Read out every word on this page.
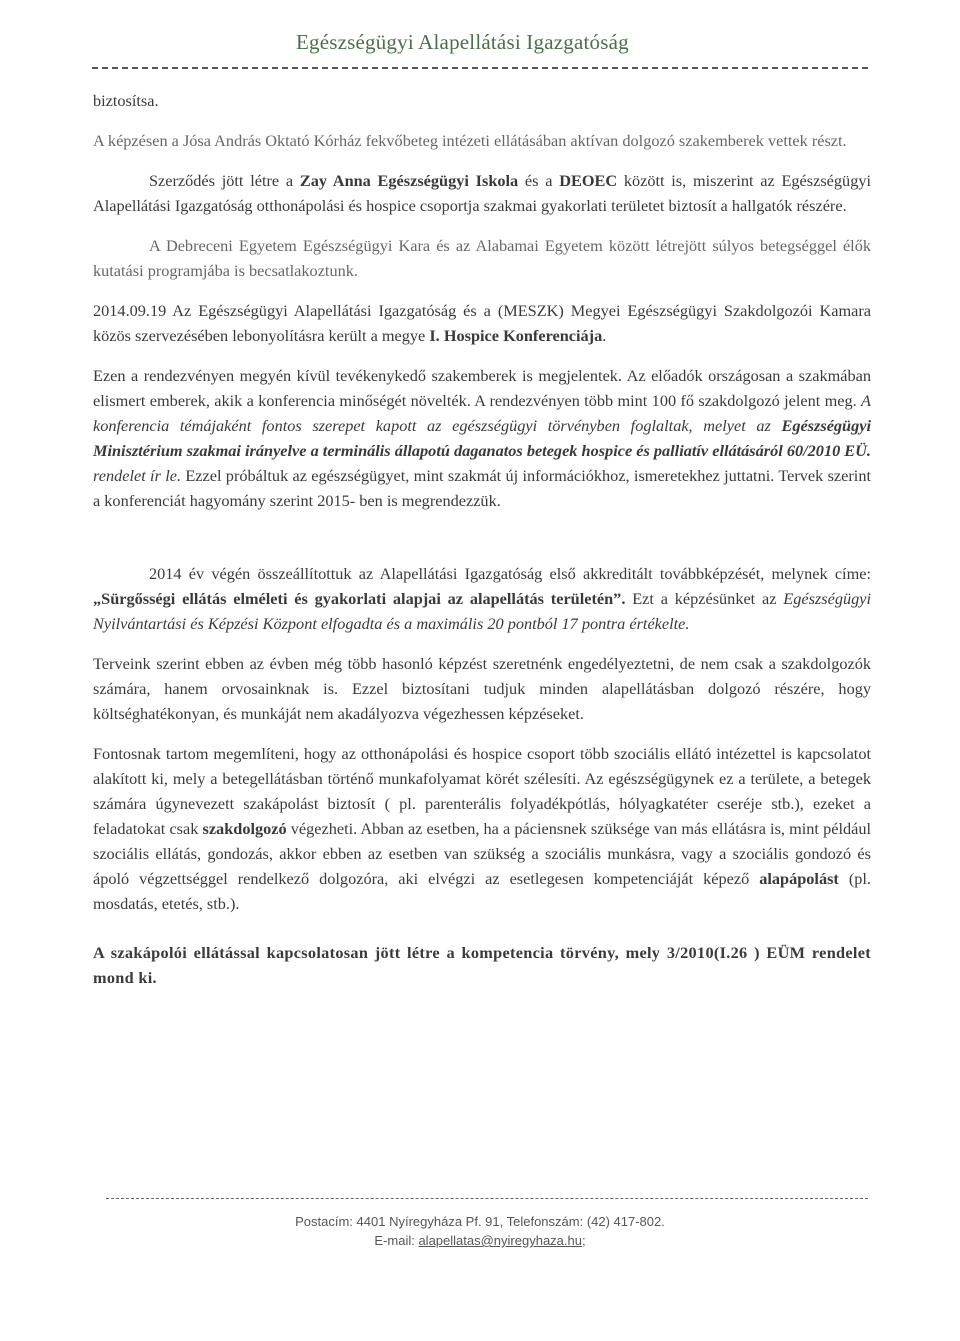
Egészségügyi Alapellátási Igazgatóság

biztosítsa.

A képzésen a Jósa András Oktató Kórház fekvőbeteg intézeti ellátásában aktívan dolgozó szakemberek vettek részt.

Szerződés jött létre a Zay Anna Egészségügyi Iskola és a DEOEC között is, miszerint az Egészségügyi Alapellátási Igazgatóság otthonápolási és hospice csoportja szakmai gyakorlati területet biztosít a hallgatók részére.

A Debreceni Egyetem Egészségügyi Kara és az Alabamai Egyetem között létrejött súlyos betegséggel élők kutatási programjába is becsatlakoztunk.

2014.09.19 Az Egészségügyi Alapellátási Igazgatóság és a (MESZK) Megyei Egészségügyi Szakdolgozói Kamara közös szervezésében lebonyolításra került a megye I. Hospice Konferenciája.

Ezen a rendezvényen megyén kívül tevékenykedő szakemberek is megjelentek. Az előadók országosan a szakmában elismert emberek, akik a konferencia minőségét növelték. A rendezvényen több mint 100 fő szakdolgozó jelent meg. A konferencia témájaként fontos szerepet kapott az egészségügyi törvényben foglaltak, melyet az Egészségügyi Minisztérium szakmai irányelve a terminális állapotú daganatos betegek hospice és palliatív ellátásáról 60/2010 EÜ. rendelet ír le. Ezzel próbáltuk az egészségügyet, mint szakmát új információkhoz, ismeretekhez juttatni. Tervek szerint a konferenciát hagyomány szerint 2015- ben is megrendezzük.

2014 év végén összeállítottuk az Alapellátási Igazgatóság első akkreditált továbbképzését, melynek címe: „Sürgősségi ellátás elméleti és gyakorlati alapjai az alapellátás területén”. Ezt a képzésünket az Egészségügyi Nyilvántartási és Képzési Központ elfogadta és a maximális 20 pontból 17 pontra értékelte.

Terveink szerint ebben az évben még több hasonló képzést szeretnénk engedélyeztetni, de nem csak a szakdolgozók számára, hanem orvosainknak is. Ezzel biztosítani tudjuk minden alapellátásban dolgozó részére, hogy költséghatékonyan, és munkáját nem akadályozva végezhessen képzéseket.

Fontosnak tartom megemlíteni, hogy az otthonápolási és hospice csoport több szociális ellátó intézettel is kapcsolatot alakított ki, mely a betegellátásban történő munkafolyamat körét szélesíti. Az egészségügynek ez a területe, a betegek számára úgynevezett szakápolást biztosít ( pl. parenterális folyadékpótlás, hólyagkatéter cseréje stb.), ezeket a feladatokat csak szakdolgozó végezheti. Abban az esetben, ha a páciensnek szüksége van más ellátásra is, mint például szociális ellátás, gondozás, akkor ebben az esetben van szükség a szociális munkásra, vagy a szociális gondozó és ápoló végzettséggel rendelkező dolgozóra, aki elvégzi az esetlegesen kompetenciáját képező alapápolást (pl. mosdatás, etetés, stb.).

A szakápolói ellátással kapcsolatosan jött létre a kompetencia törvény, mely 3/2010(I.26 ) EÜM rendelet mond ki.

Postacím: 4401 Nyíregyháza Pf. 91, Telefonszám: (42) 417-802.
E-mail: alapellatas@nyiregyhaza.hu;
